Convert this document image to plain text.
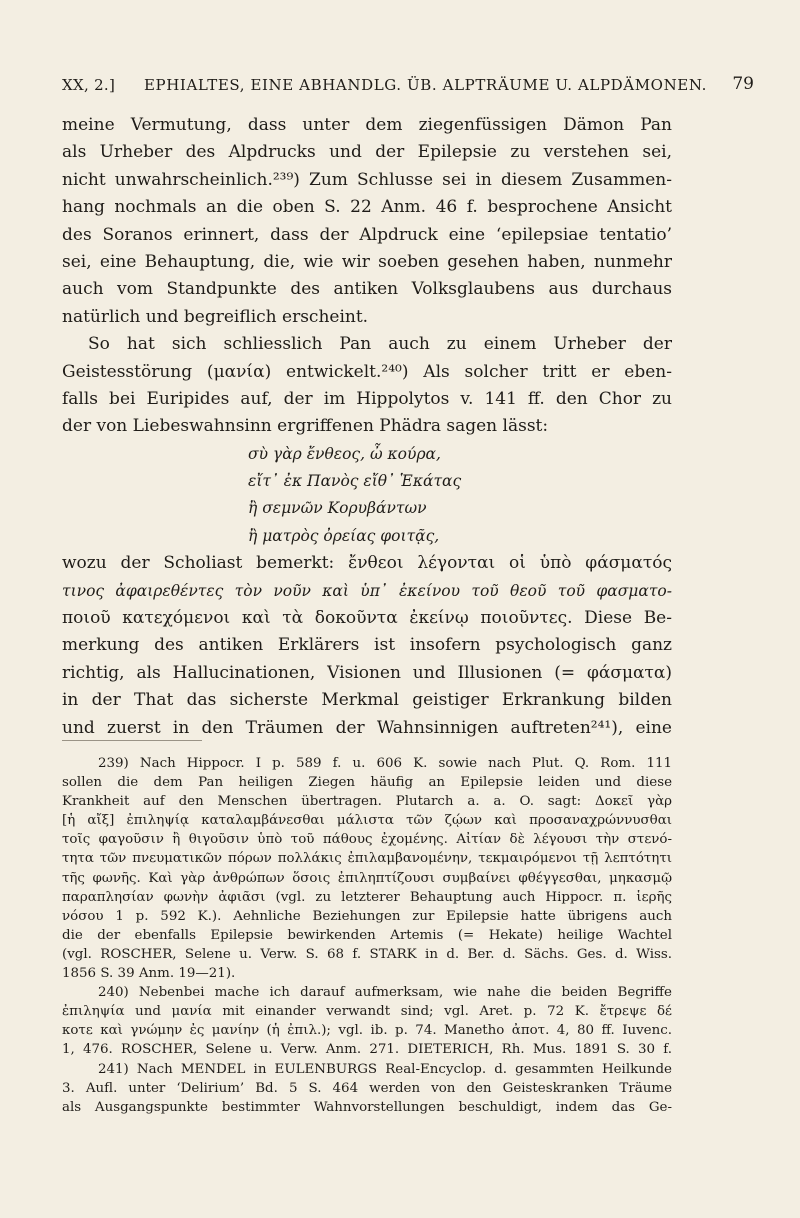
XX, 2.] EPHIALTES, EINE ABHANDLG. ÜB. ALPTRÄUME U. ALPDÄMONEN. 79
meine Vermutung, dass unter dem ziegenfüssigen Dämon Pan
als Urheber des Alpdrucks und der Epilepsie zu verstehen sei,
nicht unwahrscheinlich.²³⁹) Zum Schlusse sei in diesem Zusammen-
hang nochmals an die oben S. 22 Anm. 46 f. besprochene Ansicht
des Soranos erinnert, dass der Alpdruck eine ‘epilepsiae tentatio’
sei, eine Behauptung, die, wie wir soeben gesehen haben, nunmehr
auch vom Standpunkte des antiken Volksglaubens aus durchaus
natürlich und begreiflich erscheint.
So hat sich schliesslich Pan auch zu einem Urheber der
Geistesstörung (μανία) entwickelt.²⁴⁰) Als solcher tritt er eben-
falls bei Euripides auf, der im Hippolytos v. 141 ff. den Chor zu
der von Liebeswahnsinn ergriffenen Phädra sagen lässt:
σὺ γὰρ ἔνθεος, ὦ κούρα,
εἴτ᾽ ἐκ Πανὸς εἴθ᾽ Ἑκάτας
ἢ σεμνῶν Κορυβάντων
ἢ ματρὸς ὀρείας φοιτᾷς,
wozu der Scholiast bemerkt: ἔνθεοι λέγονται οἱ ὑπὸ φάσματός
τινος ἀφαιρεθέντες τὸν νοῦν καὶ ὑπ᾽ ἐκείνου τοῦ θεοῦ τοῦ φασματο-
ποιοῦ κατεχόμενοι καὶ τὰ δοκοῦντα ἐκείνῳ ποιοῦντες. Diese Be-
merkung des antiken Erklärers ist insofern psychologisch ganz
richtig, als Hallucinationen, Visionen und Illusionen (= φάσματα)
in der That das sicherste Merkmal geistiger Erkrankung bilden
und zuerst in den Träumen der Wahnsinnigen auftreten²⁴¹), eine
239) Nach Hippocr. I p. 589 f. u. 606 K. sowie nach Plut. Q. Rom. 111
sollen die dem Pan heiligen Ziegen häufig an Epilepsie leiden und diese
Krankheit auf den Menschen übertragen. Plutarch a. a. O. sagt: Δοκεῖ γὰρ
[ἡ αἴξ] ἐπιληψίᾳ καταλαμβάνεσθαι μάλιστα τῶν ζῴων καὶ προσαναχρώννυσθαι
τοῖς φαγοῦσιν ἢ θιγοῦσιν ὑπὸ τοῦ πάθους ἐχομένης. Αἰτίαν δὲ λέγουσι τὴν στενό-
τητα τῶν πνευματικῶν πόρων πολλάκις ἐπιλαμβανομένην, τεκμαιρόμενοι τῇ λεπτότητι
τῆς φωνῆς. Καὶ γὰρ ἀνθρώπων ὅσοις ἐπιληπτίζουσι συμβαίνει φθέγγεσθαι, μηκασμῷ
παραπλησίαν φωνὴν ἀφιᾶσι (vgl. zu letzterer Behauptung auch Hippocr. π. ἱερῆς
νόσου 1 p. 592 K.). Aehnliche Beziehungen zur Epilepsie hatte übrigens auch
die der ebenfalls Epilepsie bewirkenden Artemis (= Hekate) heilige Wachtel
(vgl. ROSCHER, Selene u. Verw. S. 68 f. STARK in d. Ber. d. Sächs. Ges. d. Wiss.
1856 S. 39 Anm. 19—21).
240) Nebenbei mache ich darauf aufmerksam, wie nahe die beiden Begriffe
ἐπιληψία und μανία mit einander verwandt sind; vgl. Aret. p. 72 K. ἔτρεψε δέ
κοτε καὶ γνώμην ἐς μανίην (ἡ ἐπιλ.); vgl. ib. p. 74. Manetho ἀποτ. 4, 80 ff. Iuvenc.
1, 476. ROSCHER, Selene u. Verw. Anm. 271. DIETERICH, Rh. Mus. 1891 S. 30 f.
241) Nach MENDEL in EULENBURGS Real-Encyclop. d. gesammten Heilkunde
3. Aufl. unter ‘Delirium’ Bd. 5 S. 464 werden von den Geisteskranken Träume
als Ausgangspunkte bestimmter Wahnvorstellungen beschuldigt, indem das Ge-
